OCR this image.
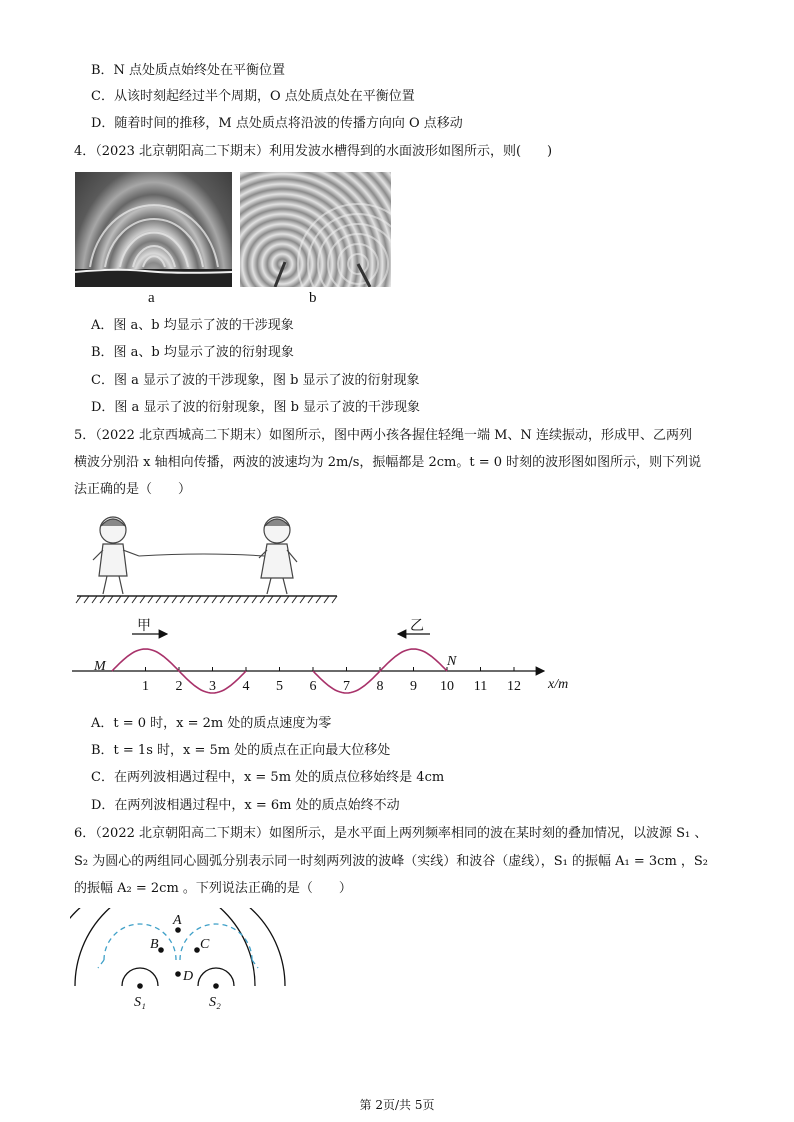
B．N 点处质点始终处在平衡位置
C．从该时刻起经过半个周期，O 点处质点处在平衡位置
D．随着时间的推移，M 点处质点将沿波的传播方向向 O 点移动
4．（2023 北京朝阳高二下期末）利用发波水槽得到的水面波形如图所示，则(　　)
a	b
A．图 a、b 均显示了波的干涉现象
B．图 a、b 均显示了波的衍射现象
C．图 a 显示了波的干涉现象，图 b 显示了波的衍射现象
D．图 a 显示了波的衍射现象，图 b 显示了波的干涉现象
5．（2022 北京西城高二下期末）如图所示，图中两小孩各握住轻绳一端 M、N 连续振动，形成甲、乙两列
横波分别沿 x 轴相向传播，两波的波速均为 2m/s，振幅都是 2cm。t = 0 时刻的波形图如图所示，则下列说
法正确的是（　　）
1 2 3 4 5 6 7 8 9 10 11 12 x/m
M	N
甲	乙
A．t = 0 时，x = 2m 处的质点速度为零
B．t = 1s 时，x = 5m 处的质点在正向最大位移处
C．在两列波相遇过程中，x = 5m 处的质点位移始终是 4cm
D．在两列波相遇过程中，x = 6m 处的质点始终不动
6．（2022 北京朝阳高二下期末）如图所示，是水平面上两列频率相同的波在某时刻的叠加情况，以波源 S₁ 、
S₂ 为圆心的两组同心圆弧分别表示同一时刻两列波的波峰（实线）和波谷（虚线），S₁ 的振幅 A₁ = 3cm ，S₂
的振幅 A₂ = 2cm 。下列说法正确的是（　　）
A
B	C
D
S₁	S₂
第 2页/共 5页
